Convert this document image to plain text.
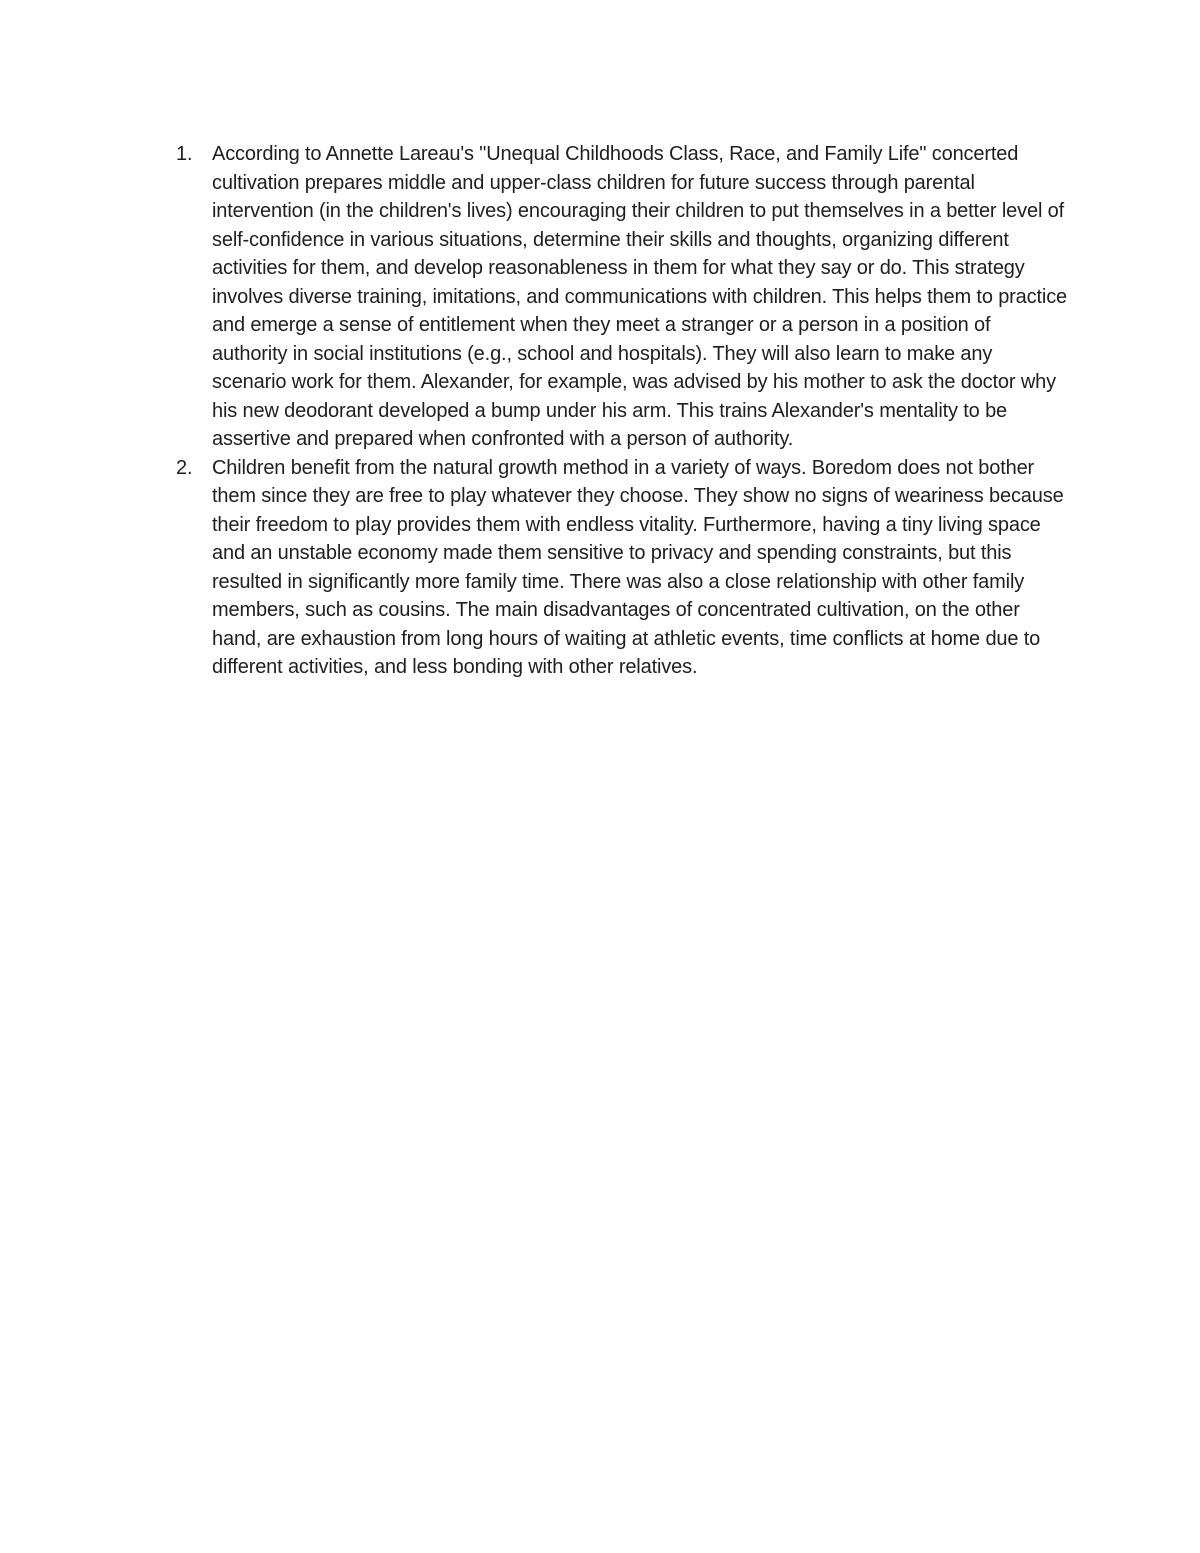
1. According to Annette Lareau's "Unequal Childhoods Class, Race, and Family Life" concerted cultivation prepares middle and upper-class children for future success through parental intervention (in the children's lives) encouraging their children to put themselves in a better level of self-confidence in various situations, determine their skills and thoughts, organizing different activities for them, and develop reasonableness in them for what they say or do. This strategy involves diverse training, imitations, and communications with children. This helps them to practice and emerge a sense of entitlement when they meet a stranger or a person in a position of authority in social institutions (e.g., school and hospitals). They will also learn to make any scenario work for them. Alexander, for example, was advised by his mother to ask the doctor why his new deodorant developed a bump under his arm. This trains Alexander's mentality to be assertive and prepared when confronted with a person of authority.
2. Children benefit from the natural growth method in a variety of ways. Boredom does not bother them since they are free to play whatever they choose. They show no signs of weariness because their freedom to play provides them with endless vitality. Furthermore, having a tiny living space and an unstable economy made them sensitive to privacy and spending constraints, but this resulted in significantly more family time. There was also a close relationship with other family members, such as cousins. The main disadvantages of concentrated cultivation, on the other hand, are exhaustion from long hours of waiting at athletic events, time conflicts at home due to different activities, and less bonding with other relatives.
